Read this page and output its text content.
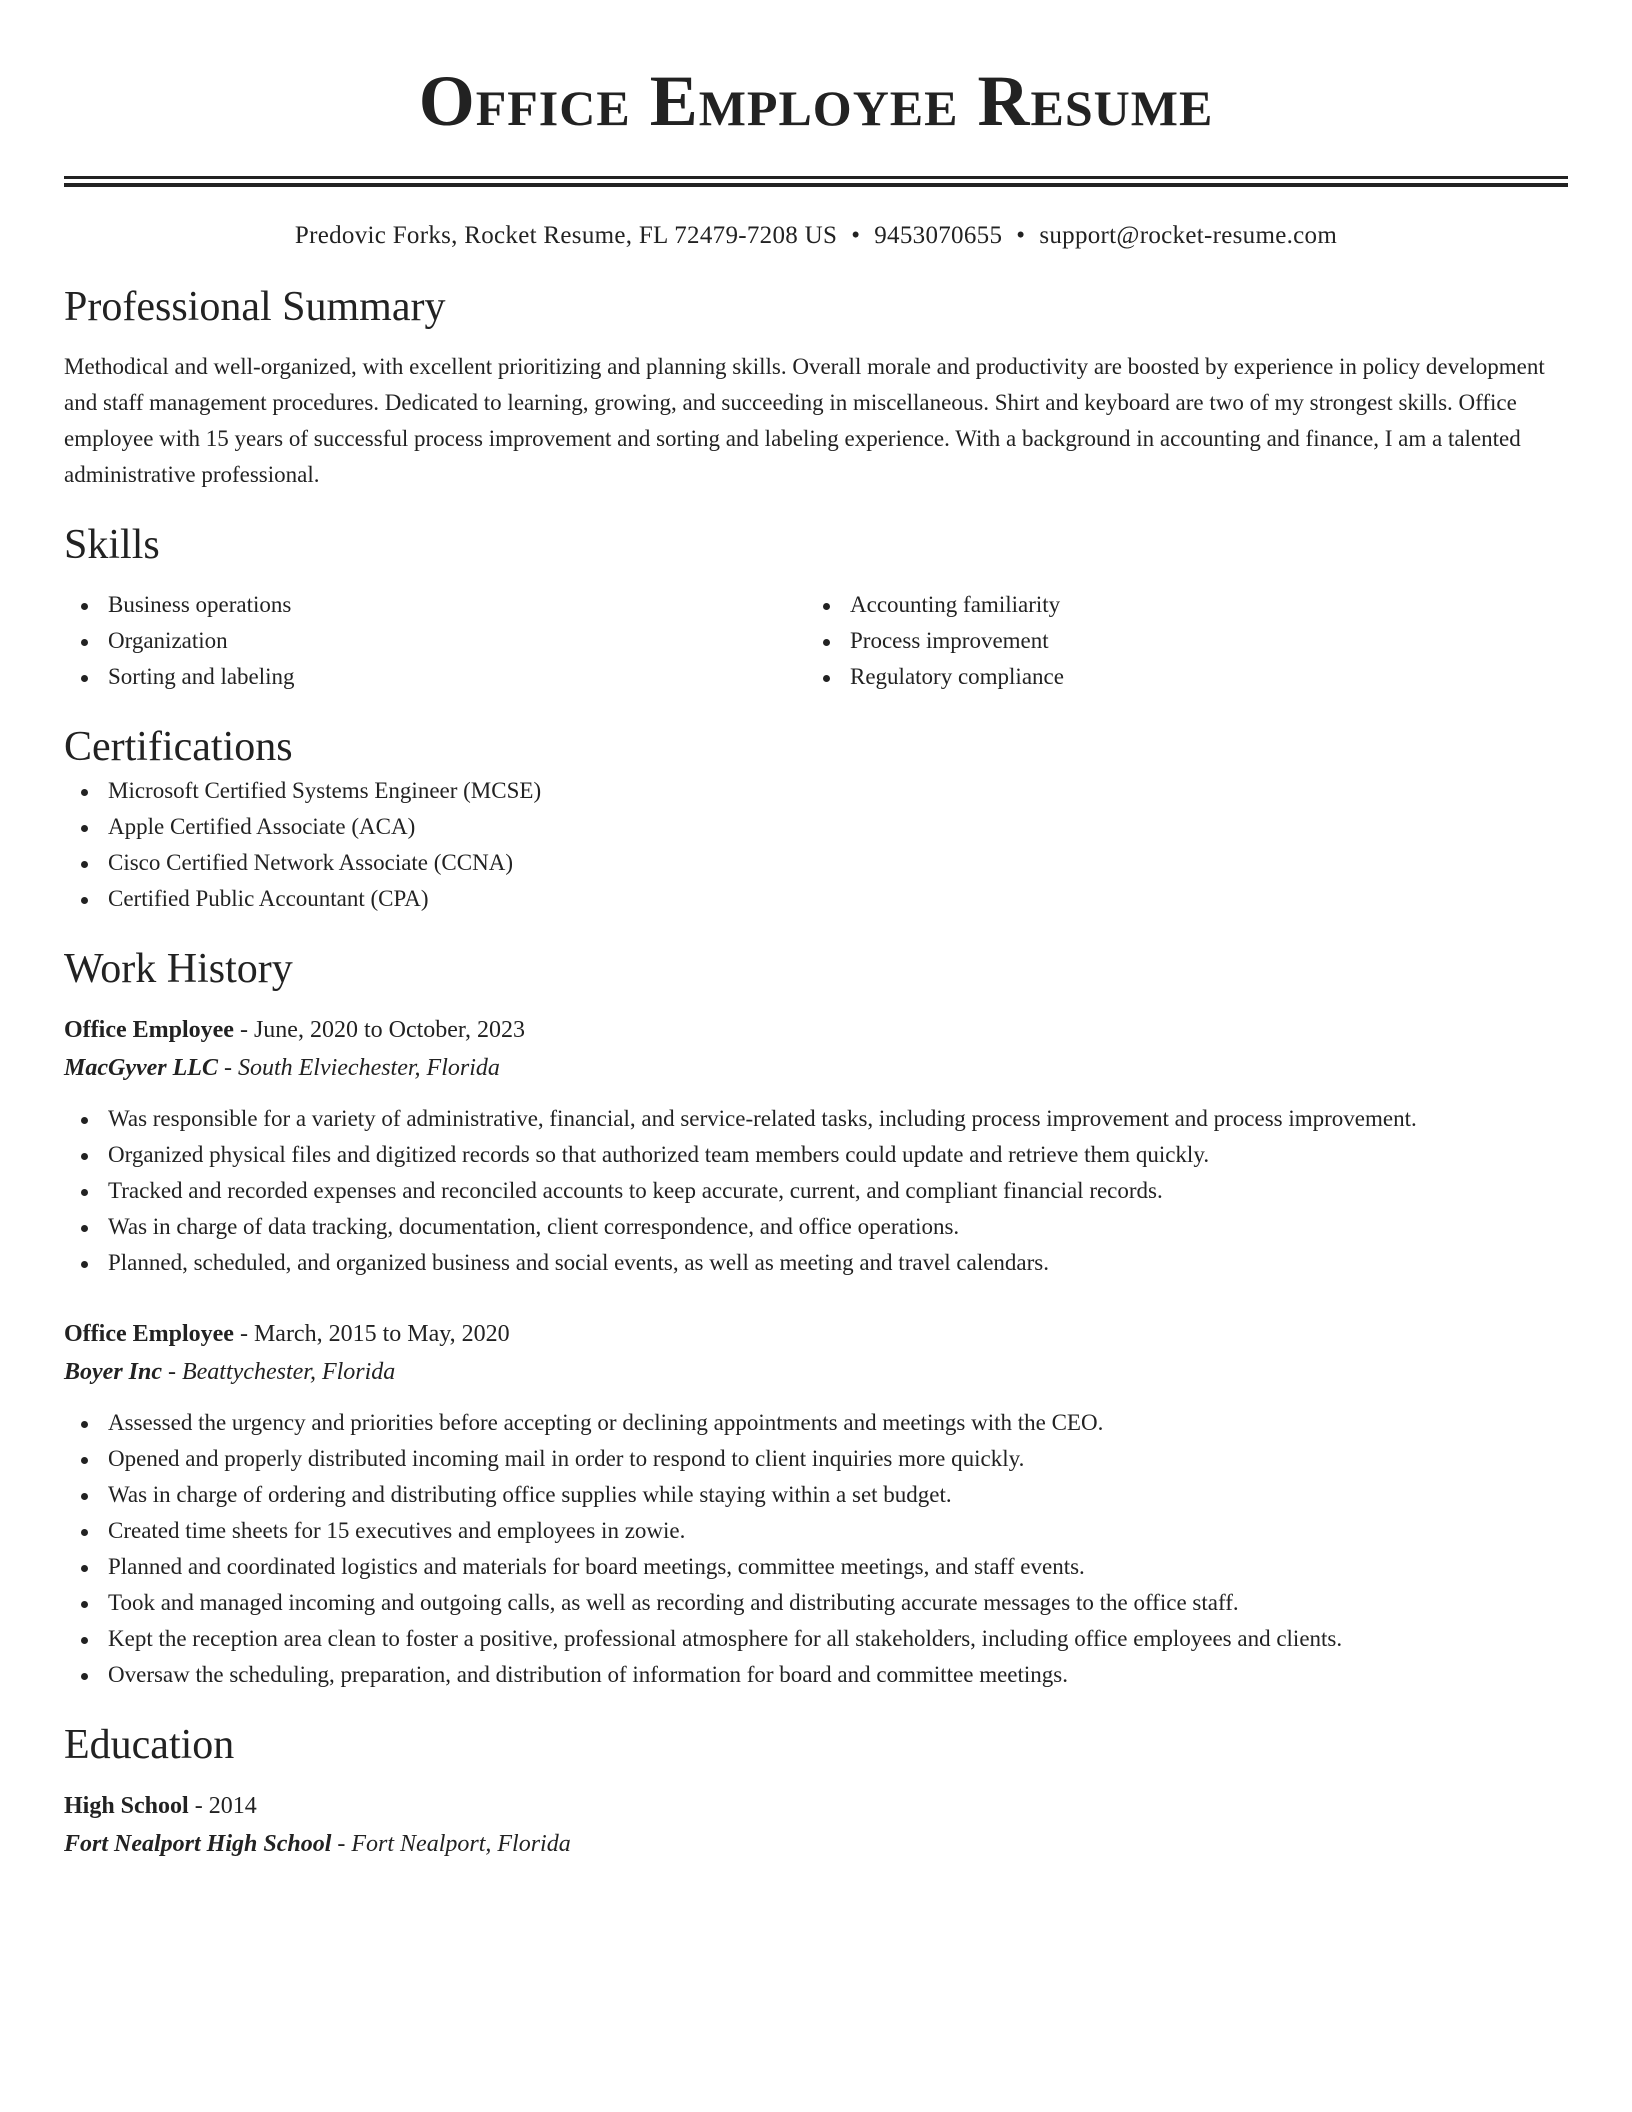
Office Employee Resume
Predovic Forks, Rocket Resume, FL 72479-7208 US • 9453070655 • support@rocket-resume.com
Professional Summary

Methodical and well-organized, with excellent prioritizing and planning skills. Overall morale and productivity are boosted by experience in policy development and staff management procedures. Dedicated to learning, growing, and succeeding in miscellaneous. Shirt and keyboard are two of my strongest skills. Office employee with 15 years of successful process improvement and sorting and labeling experience. With a background in accounting and finance, I am a talented administrative professional.

Skills
Business operations
Organization
Sorting and labeling
Accounting familiarity
Process improvement
Regulatory compliance
Certifications
Microsoft Certified Systems Engineer (MCSE)
Apple Certified Associate (ACA)
Cisco Certified Network Associate (CCNA)
Certified Public Accountant (CPA)
Work History
Office Employee - June, 2020 to October, 2023
MacGyver LLC - South Elviechester, Florida
Was responsible for a variety of administrative, financial, and service-related tasks, including process improvement and process improvement.
Organized physical files and digitized records so that authorized team members could update and retrieve them quickly.
Tracked and recorded expenses and reconciled accounts to keep accurate, current, and compliant financial records.
Was in charge of data tracking, documentation, client correspondence, and office operations.
Planned, scheduled, and organized business and social events, as well as meeting and travel calendars.
Office Employee - March, 2015 to May, 2020
Boyer Inc - Beattychester, Florida
Assessed the urgency and priorities before accepting or declining appointments and meetings with the CEO.
Opened and properly distributed incoming mail in order to respond to client inquiries more quickly.
Was in charge of ordering and distributing office supplies while staying within a set budget.
Created time sheets for 15 executives and employees in zowie.
Planned and coordinated logistics and materials for board meetings, committee meetings, and staff events.
Took and managed incoming and outgoing calls, as well as recording and distributing accurate messages to the office staff.
Kept the reception area clean to foster a positive, professional atmosphere for all stakeholders, including office employees and clients.
Oversaw the scheduling, preparation, and distribution of information for board and committee meetings.
Education
High School - 2014
Fort Nealport High School - Fort Nealport, Florida
